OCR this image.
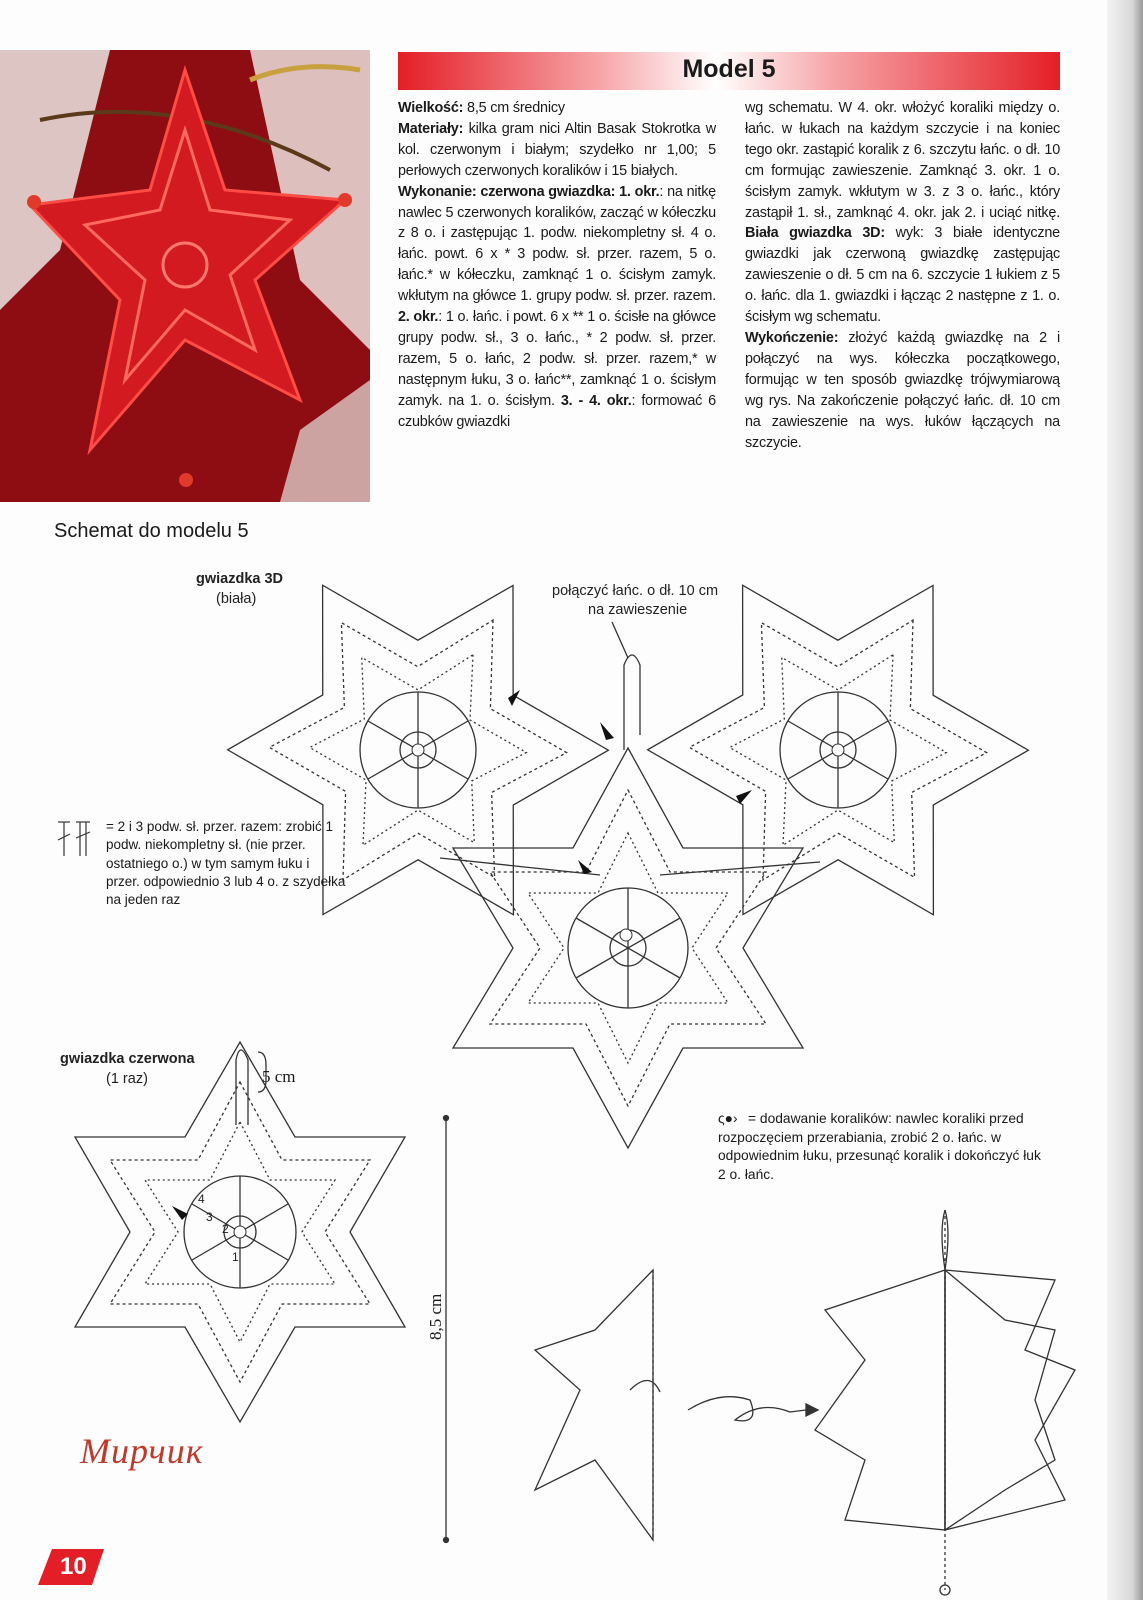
Model 5

Wielkość: 8,5 cm średnicy
Materiały: kilka gram nici Altin Basak Stokrotka w kol. czerwonym i białym; szydełko nr 1,00; 5 perłowych czerwonych koralików i 15 białych.
Wykonanie: czerwona gwiazdka: 1. okr.: na nitkę nawlec 5 czerwonych koralików, zacząć w kółeczku z 8 o. i zastępując 1. podw. niekompletny sł. 4 o. łańc. powt. 6 x * 3 podw. sł. przer. razem, 5 o. łańc.* w kółeczku, zamknąć 1 o. ścisłym zamyk. wkłutym na główce 1. grupy podw. sł. przer. razem. 2. okr.: 1 o. łańc. i powt. 6 x ** 1 o. ścisłe na główce grupy podw. sł., 3 o. łańc., * 2 podw. sł. przer. razem, 5 o. łańc, 2 podw. sł. przer. razem,* w następnym łuku, 3 o. łańc**, zamknąć 1 o. ścisłym zamyk. na 1. o. ścisłym. 3. - 4. okr.: formować 6 czubków gwiazdki

wg schematu. W 4. okr. włożyć koraliki między o. łańc. w łukach na każdym szczycie i na koniec tego okr. zastąpić koralik z 6. szczytu łańc. o dł. 10 cm formując zawieszenie. Zamknąć 3. okr. 1 o. ścisłym zamyk. wkłutym w 3. z 3 o. łańc., który zastąpił 1. sł., zamknąć 4. okr. jak 2. i uciąć nitkę. Biała gwiazdka 3D: wyk: 3 białe identyczne gwiazdki jak czerwoną gwiazdkę zastępując zawieszenie o dł. 5 cm na 6. szczycie 1 łukiem z 5 o. łańc. dla 1. gwiazdki i łącząc 2 następne z 1. o. ścisłym wg schematu.
Wykończenie: złożyć każdą gwiazdkę na 2 i połączyć na wys. kółeczka początkowego, formując w ten sposób gwiazdkę trójwymiarową wg rys. Na zakończenie połączyć łańc. dł. 10 cm na zawieszenie na wys. łuków łączących na szczycie.

Schemat do modelu 5
4
3
2
1
gwiazdka 3D
(biała)	połączyć łańc. o dł. 10 cm
na zawieszenie
gwiazdka czerwona
(1 raz)	5 cm
8,5 cm
= 2 i 3 podw. sł. przer. razem: zrobić 1 podw. niekompletny sł. (nie przer. ostatniego o.) w tym samym łuku i przer. odpowiednio 3 lub 4 o. z szydełka na jeden raz
ς●› = dodawanie koralików: nawlec koraliki przed rozpoczęciem przerabiania, zrobić 2 o. łańc. w odpowiednim łuku, przesunąć koralik i dokończyć łuk 2 o. łańc.
Мирчик
10
